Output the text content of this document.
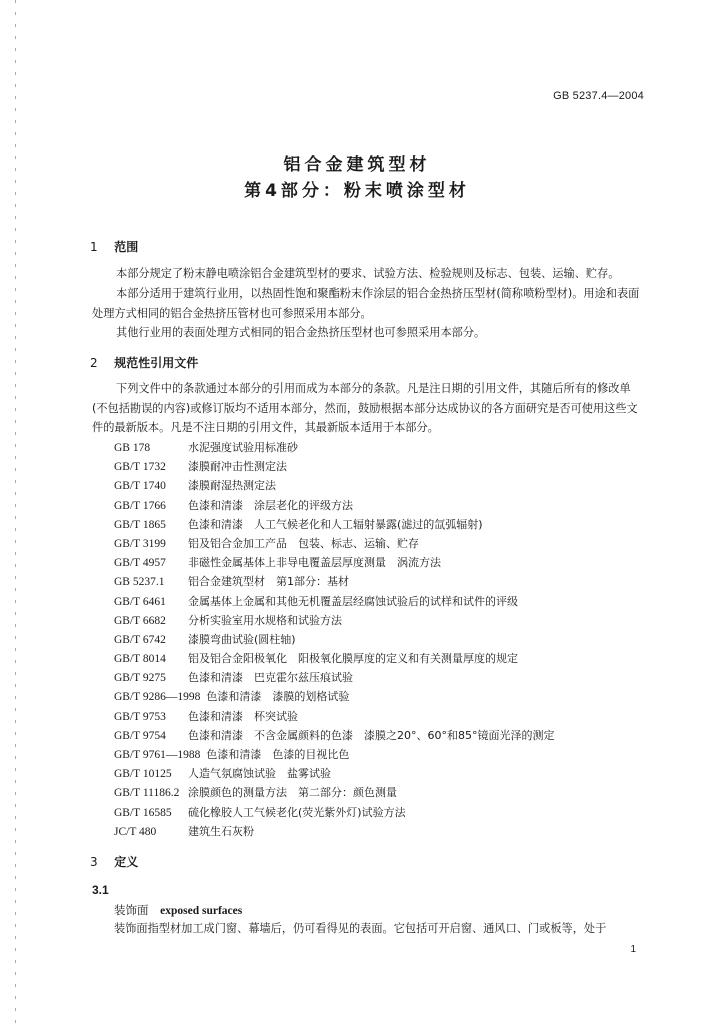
GB 5237.4—2004
铝合金建筑型材
第4部分：粉末喷涂型材
1 范围
本部分规定了粉末静电喷涂铝合金建筑型材的要求、试验方法、检验规则及标志、包装、运输、贮存。
本部分适用于建筑行业用，以热固性饱和聚酯粉末作涂层的铝合金热挤压型材(简称喷粉型材)。用途和表面处理方式相同的铝合金热挤压管材也可参照采用本部分。
其他行业用的表面处理方式相同的铝合金热挤压型材也可参照采用本部分。
2 规范性引用文件
下列文件中的条款通过本部分的引用而成为本部分的条款。凡是注日期的引用文件，其随后所有的修改单(不包括勘误的内容)或修订版均不适用本部分，然而，鼓励根据本部分达成协议的各方面研究是否可使用这些文件的最新版本。凡是不注日期的引用文件，其最新版本适用于本部分。
GB 178	水泥强度试验用标准砂
GB/T 1732 漆膜耐冲击性测定法
GB/T 1740 漆膜耐湿热测定法
GB/T 1766 色漆和清漆　涂层老化的评级方法
GB/T 1865 色漆和清漆　人工气候老化和人工辐射暴露(滤过的氙弧辐射)
GB/T 3199 铝及铝合金加工产品　包装、标志、运输、贮存
GB/T 4957 非磁性金属基体上非导电覆盖层厚度测量　涡流方法
GB 5237.1 铝合金建筑型材　第1部分：基材
GB/T 6461 金属基体上金属和其他无机覆盖层经腐蚀试验后的试样和试件的评级
GB/T 6682 分析实验室用水规格和试验方法
GB/T 6742 漆膜弯曲试验(圆柱轴)
GB/T 8014 铝及铝合金阳极氧化　阳极氧化膜厚度的定义和有关测量厚度的规定
GB/T 9275 色漆和清漆　巴克霍尔兹压痕试验
GB/T 9286—1998 色漆和清漆　漆膜的划格试验
GB/T 9753 色漆和清漆　杯突试验
GB/T 9754 色漆和清漆　不含金属颜料的色漆　漆膜之20°、60°和85°镜面光泽的测定
GB/T 9761—1988 色漆和清漆　色漆的目视比色
GB/T 10125 人造气氛腐蚀试验　盐雾试验
GB/T 11186.2 涂膜颜色的测量方法　第二部分：颜色测量
GB/T 16585 硫化橡胶人工气候老化(荧光紫外灯)试验方法
JC/T 480	建筑生石灰粉
3 定义
3.1
装饰面 exposed surfaces
装饰面指型材加工成门窗、幕墙后，仍可看得见的表面。它包括可开启窗、通风口、门或板等，处于
1
